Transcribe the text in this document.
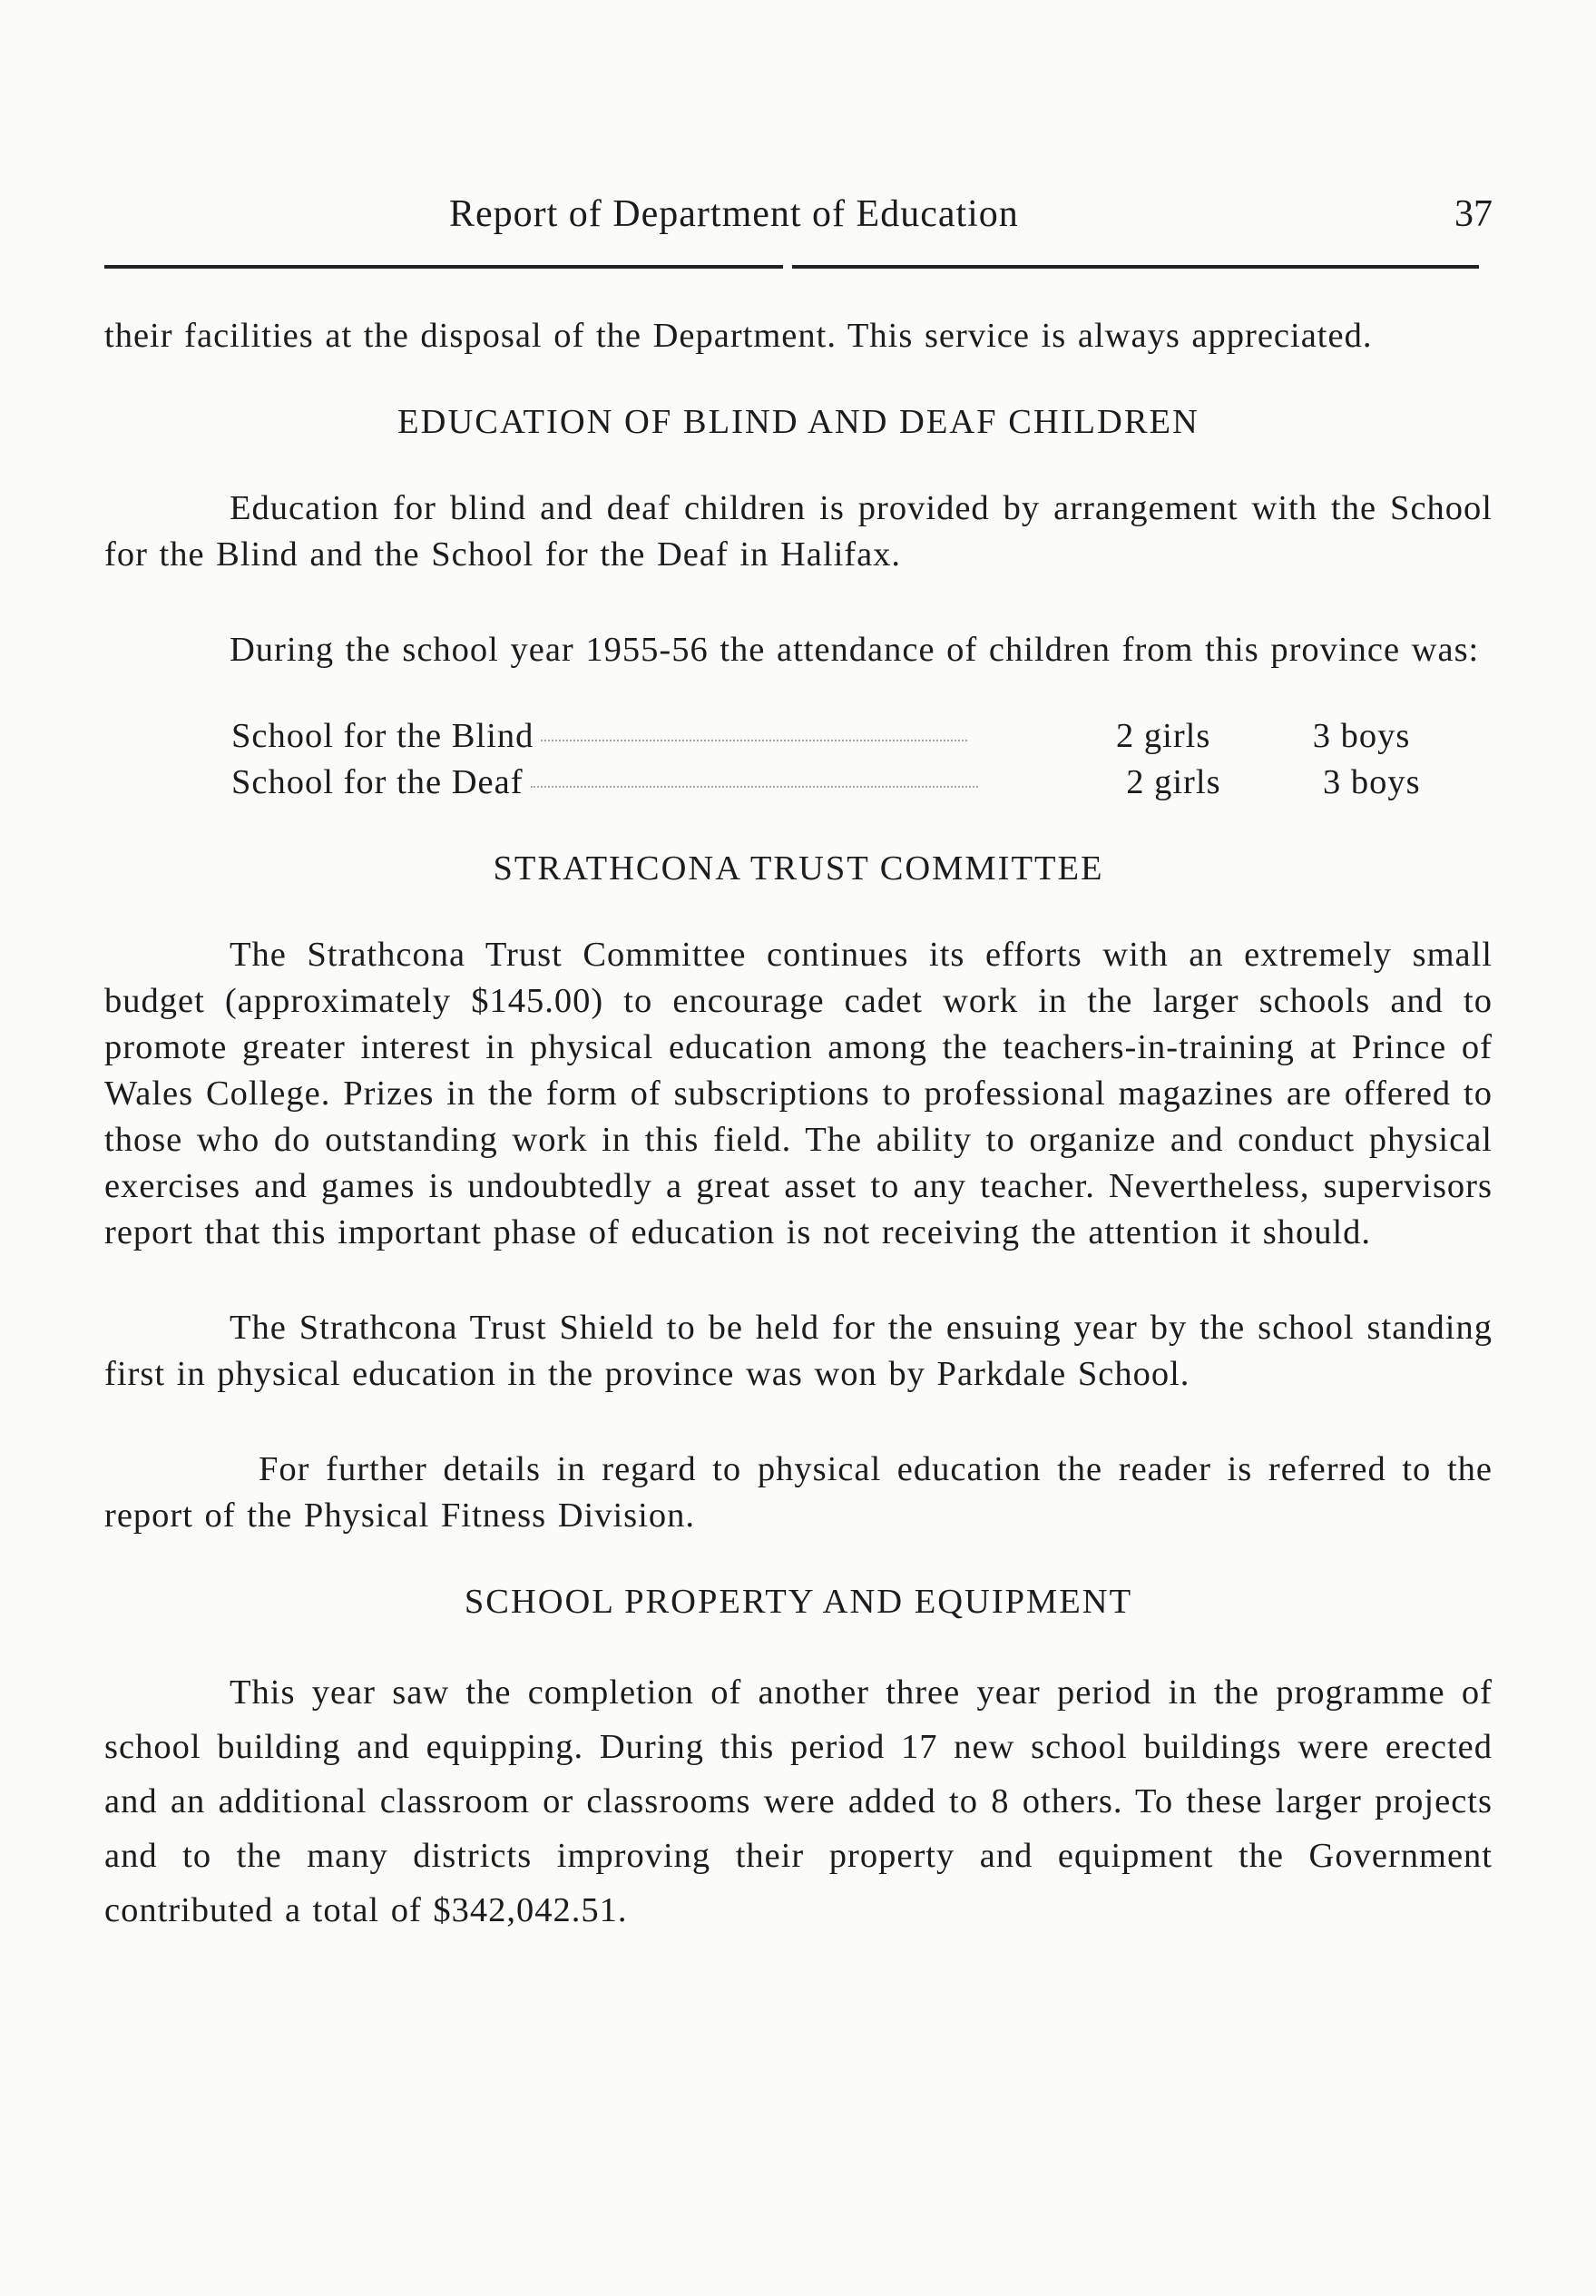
Report of Department of Education	37

their facilities at the disposal of the Department. This service is always appreciated.

EDUCATION OF BLIND AND DEAF CHILDREN

Education for blind and deaf children is provided by arrangement with the School for the Blind and the School for the Deaf in Halifax.

During the school year 1955-56 the attendance of children from this province was:

School for the Blind	2 girls	3 boys
School for the Deaf	2 girls	3 boys
STRATHCONA TRUST COMMITTEE

The Strathcona Trust Committee continues its efforts with an extremely small budget (approximately $145.00) to encourage cadet work in the larger schools and to promote greater interest in physical education among the teachers-in-training at Prince of Wales College. Prizes in the form of subscriptions to professional magazines are offered to those who do outstanding work in this field. The ability to organize and conduct physical exercises and games is undoubtedly a great asset to any teacher. Nevertheless, supervisors report that this important phase of education is not receiving the attention it should.

The Strathcona Trust Shield to be held for the ensuing year by the school standing first in physical education in the province was won by Parkdale School.

For further details in regard to physical education the reader is referred to the report of the Physical Fitness Division.

SCHOOL PROPERTY AND EQUIPMENT

This year saw the completion of another three year period in the programme of school building and equipping. During this period 17 new school buildings were erected and an additional classroom or classrooms were added to 8 others. To these larger projects and to the many districts improving their property and equipment the Government contributed a total of $342,042.51.
